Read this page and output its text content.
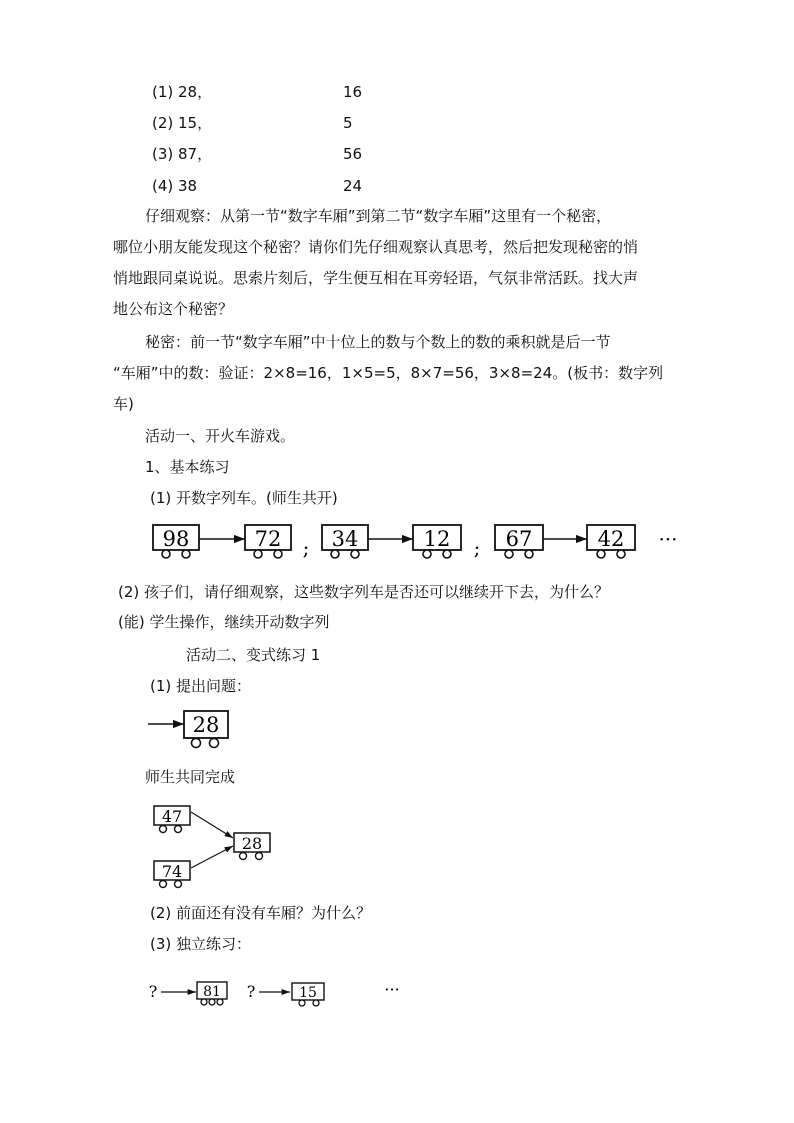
(1) 28，	16
(2) 15，	5
(3) 87，	56
(4) 38	24
仔细观察：从第一节“数字车厢”到第二节“数字车厢”这里有一个秘密，
哪位小朋友能发现这个秘密？请你们先仔细观察认真思考，然后把发现秘密的悄
悄地跟同桌说说。思索片刻后，学生便互相在耳旁轻语，气氛非常活跃。找大声
地公布这个秘密？
秘密：前一节“数字车厢”中十位上的数与个数上的数的乘积就是后一节
“车厢”中的数：验证：2×8=16，1×5=5，8×7=56，3×8=24。(板书：数字列
车)
活动一、开火车游戏。
1、基本练习
(1) 开数字列车。(师生共开)
98	72 ; 34	12 ; 67	42 ···
(2) 孩子们，请仔细观察，这些数字列车是否还可以继续开下去，为什么？
(能) 学生操作，继续开动数字列
活动二、变式练习 1
(1) 提出问题：
28
师生共同完成
47
74
28
(2) 前面还有没有车厢？为什么？
(3) 独立练习：
?	81 ?	15	···
